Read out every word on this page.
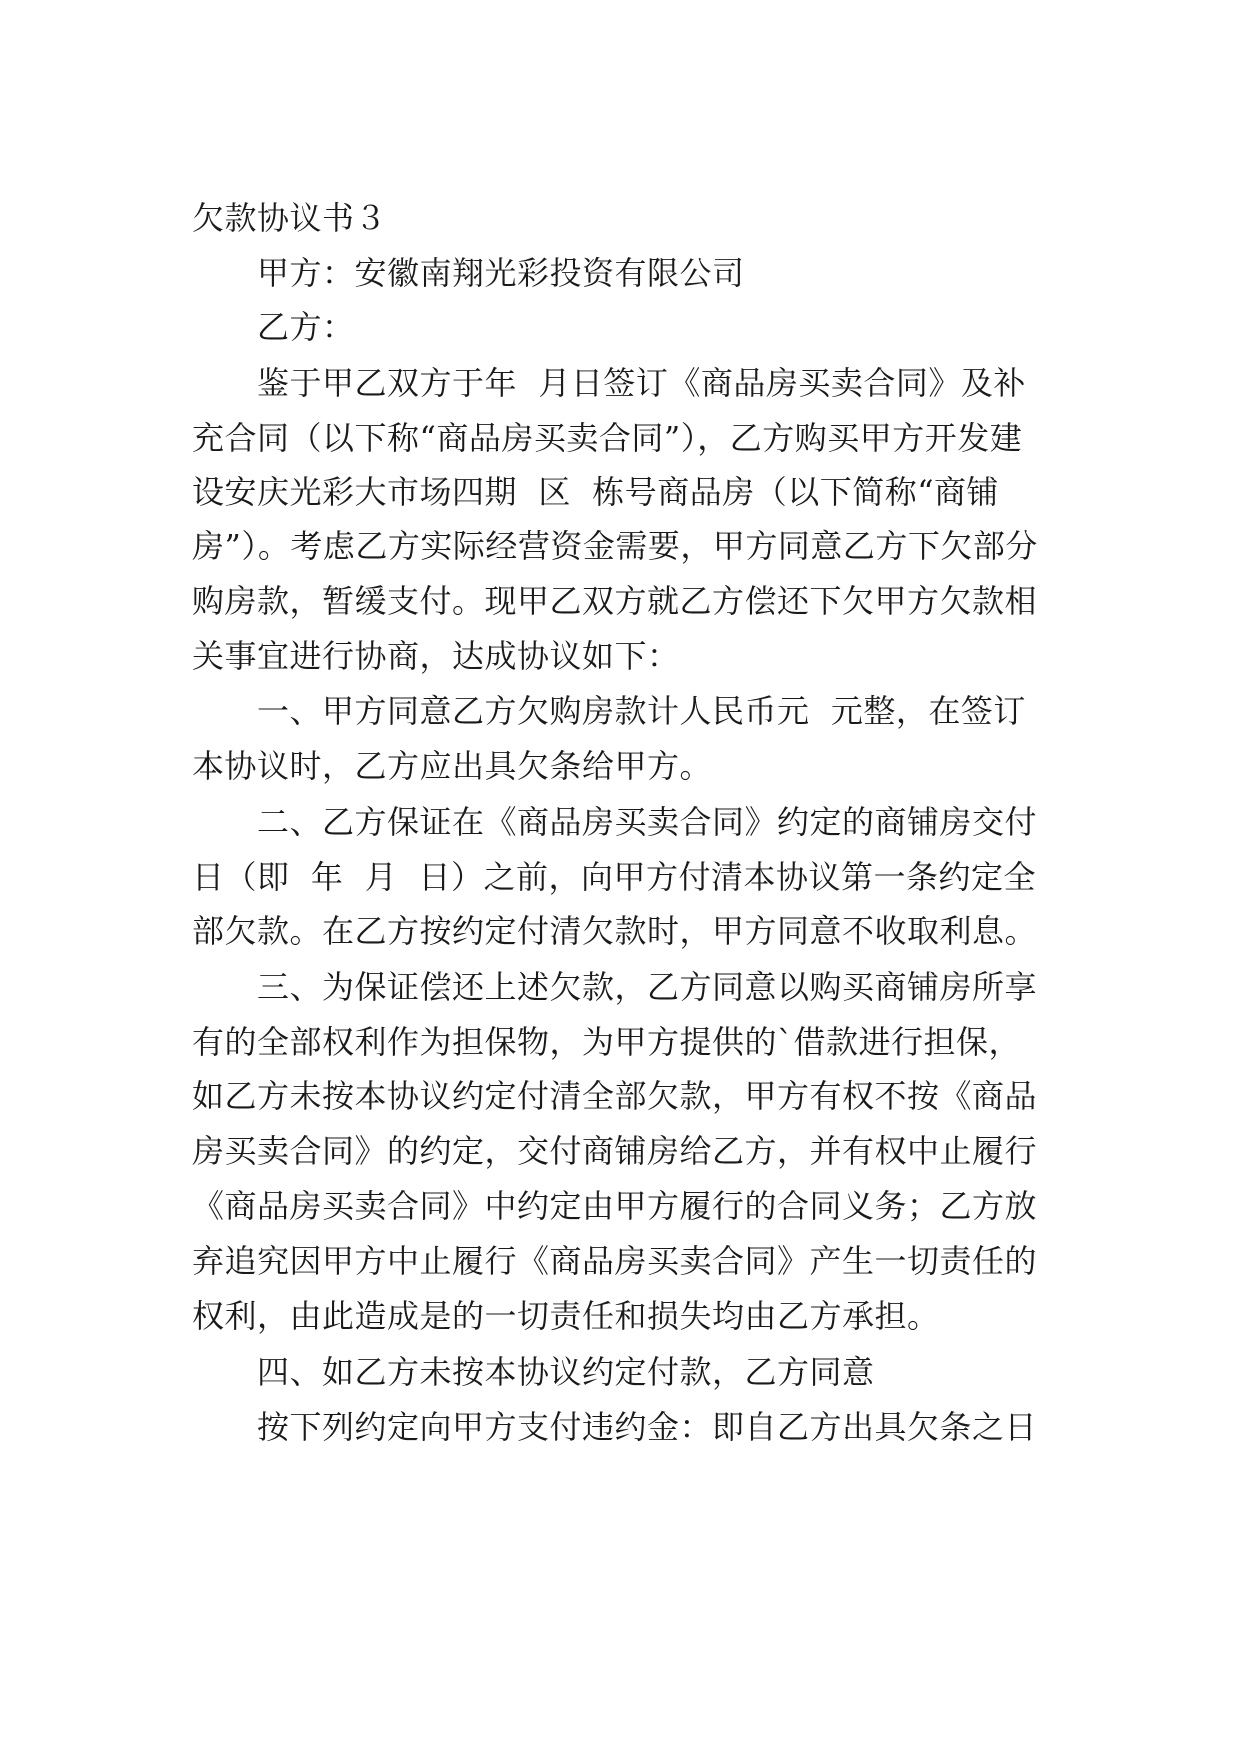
欠款协议书３
甲方：安徽南翔光彩投资有限公司
乙方：
鉴于甲乙双方于年  月日签订《商品房买卖合同》及补
充合同（以下称“商品房买卖合同”），乙方购买甲方开发建
设安庆光彩大市场四期  区  栋号商品房（以下简称“商铺
房”）。考虑乙方实际经营资金需要，甲方同意乙方下欠部分
购房款，暂缓支付。现甲乙双方就乙方偿还下欠甲方欠款相
关事宜进行协商，达成协议如下：
一、甲方同意乙方欠购房款计人民币元  元整，在签订
本协议时，乙方应出具欠条给甲方。
二、乙方保证在《商品房买卖合同》约定的商铺房交付
日（即  年  月  日）之前，向甲方付清本协议第一条约定全
部欠款。在乙方按约定付清欠款时，甲方同意不收取利息。
三、为保证偿还上述欠款，乙方同意以购买商铺房所享
有的全部权利作为担保物，为甲方提供的`借款进行担保，
如乙方未按本协议约定付清全部欠款，甲方有权不按《商品
房买卖合同》的约定，交付商铺房给乙方，并有权中止履行
《商品房买卖合同》中约定由甲方履行的合同义务；乙方放
弃追究因甲方中止履行《商品房买卖合同》产生一切责任的
权利，由此造成是的一切责任和损失均由乙方承担。
四、如乙方未按本协议约定付款，乙方同意
按下列约定向甲方支付违约金：即自乙方出具欠条之日
